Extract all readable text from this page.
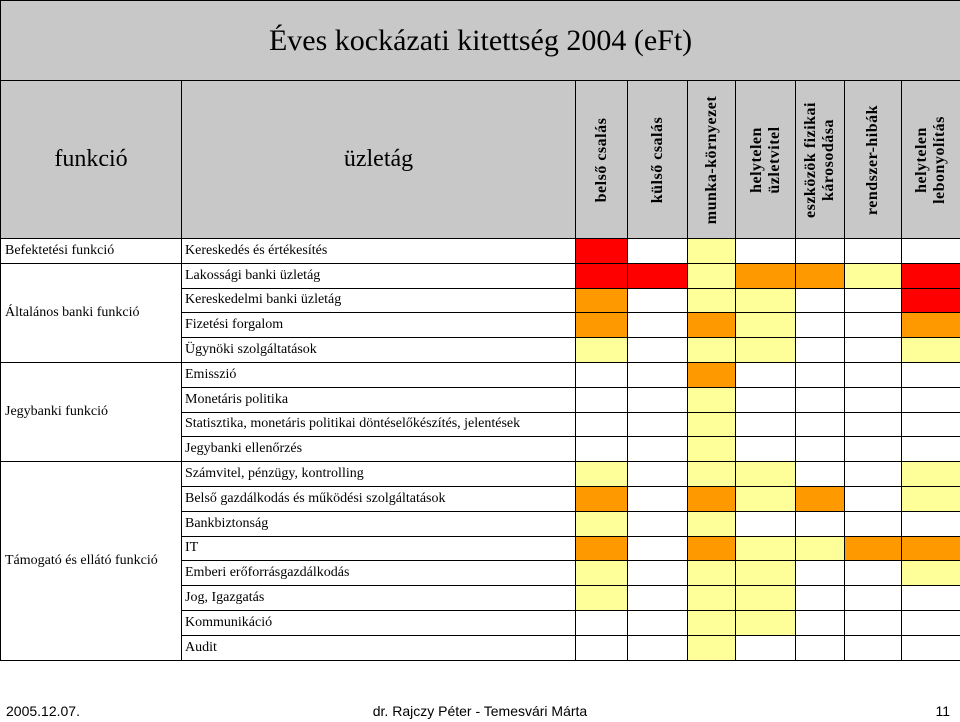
Éves kockázati kitettség 2004 (eFt)								
funkció	üzletág	belső csalás	külső csalás	munka-környezet	helytelen üzletvitel	eszközök fizikai károsodása	rendszer-hibák	helytelen lebonyolítás

Befektetési funkció	Kereskedés és értékesítés							
Általános banki funkció	Lakossági banki üzletág							
	Kereskedelmi banki üzletág							
	Fizetési forgalom							
	Ügynöki szolgáltatások							
Jegybanki funkció	Emisszió							
	Monetáris politika							
	Statisztika, monetáris politikai döntéselőkészítés, jelentések							
	Jegybanki ellenőrzés							
Támogató és ellátó funkció	Számvitel, pénzügy, kontrolling							
	Belső gazdálkodás és működési szolgáltatások							
	Bankbiztonság							
	IT							
	Emberi erőforrásgazdálkodás							
	Jog, Igazgatás							
	Kommunikáció							
	Audit							
2005.12.07.	dr. Rajczy Péter - Temesvári Márta	11
